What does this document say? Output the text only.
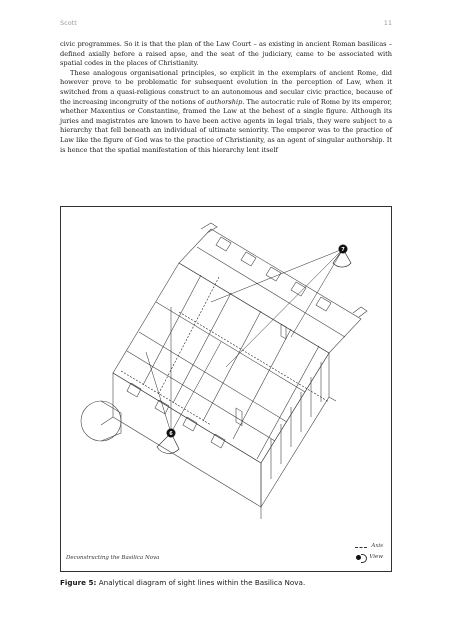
Scott	11

civic programmes. So it is that the plan of the Law Court – as existing in ancient Roman basilicas – defined axially before a raised apse, and the seat of the judiciary, came to be associated with spatial codes in the places of Christianity.

These analogous organisational principles, so explicit in the exemplars of ancient Rome, did however prove to be problematic for subsequent evolution in the perception of Law, when it switched from a quasi-religious construct to an autonomous and secular civic practice, because of the increasing incongruity of the notions of authorship. The autocratic rule of Rome by its emperor, whether Maxentius or Constantine, framed the Law at the behest of a single figure. Although its juries and magistrates are known to have been active agents in legal trials, they were subject to a hierarchy that fell beneath an individual of ultimate seniority. The emperor was to the practice of Law like the figure of God was to the practice of Christianity, as an agent of singular authorship. It is hence that the spatial manifestation of this hierarchy lent itself

7
6
Deconstructing the Basilica Nova
Axis
View
Figure 5: Analytical diagram of sight lines within the Basilica Nova.
